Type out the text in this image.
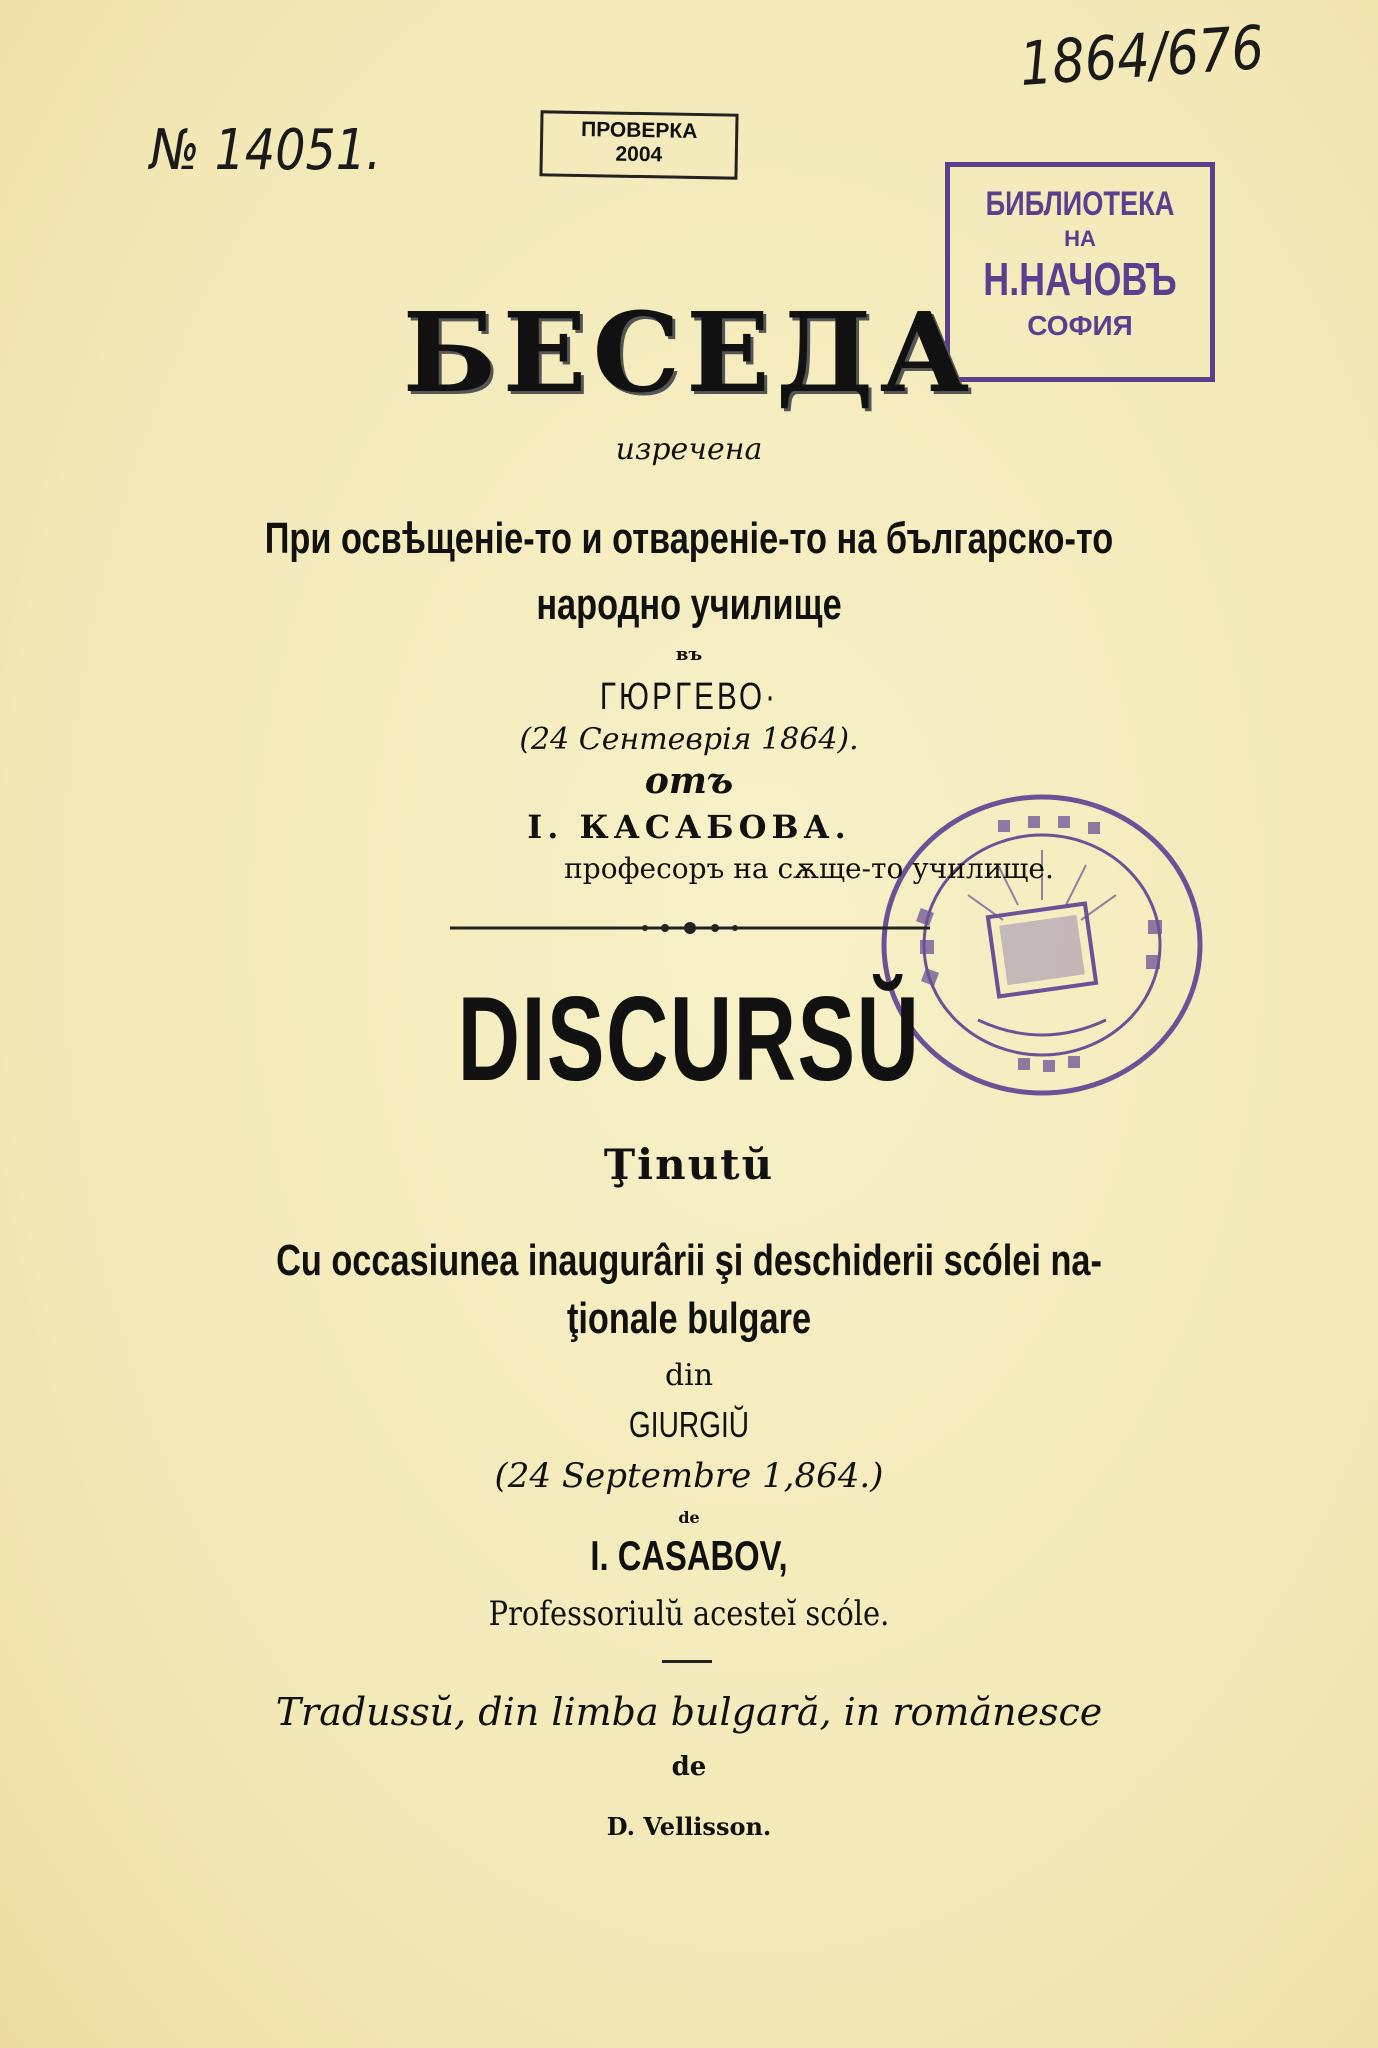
№ 14051.
1864/676
ПРОВЕРКА
2004
БИБЛИОТЕКА
НА
Н.НАЧОВЪ
СОФИЯ
БЕСЕДА
изречена
При освѣщеніе-то и отвареніе-то на българско-то
народно училище
въ
ГЮРГЕВО·
(24 Сентеврія 1864).
отъ
I. КАСАБОВА.
професоръ на сѫще-то училище.
DISCURSŬ
Ţinutŭ
Cu occasiunea inaugurârii şi deschiderii scólei na-
ţionale bulgare
din
GIURGIŬ
(24 Septembre 1,864.)
de
I. CASABOV,
Professoriulŭ acesteĭ scóle.
Tradussŭ, din limba bulgară, in romănesce
de
D. Vellisson.
